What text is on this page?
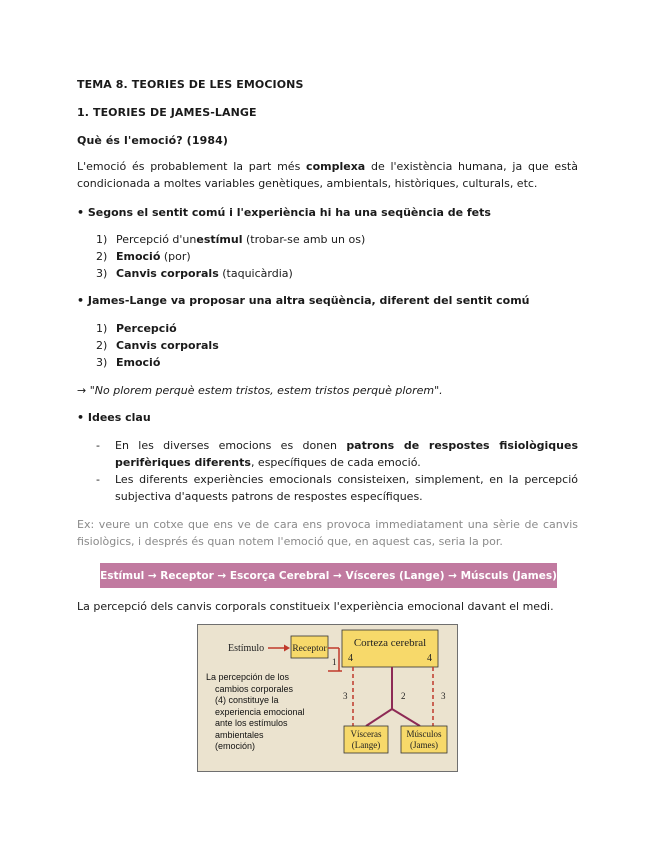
TEMA 8. TEORIES DE LES EMOCIONS
1. TEORIES DE JAMES-LANGE
Què és l'emoció? (1984)
L'emoció és probablement la part més complexa de l'existència humana, ja que està condicionada a moltes variables genètiques, ambientals, històriques, culturals, etc.
• Segons el sentit comú i l'experiència hi ha una seqüència de fets
1) Percepció d'un estímul (trobar-se amb un os)
2) Emoció (por)
3) Canvis corporals (taquicàrdia)
• James-Lange va proposar una altra seqüència, diferent del sentit comú
1) Percepció
2) Canvis corporals
3) Emoció
→ "No plorem perquè estem tristos, estem tristos perquè plorem".
• Idees clau
-	En les diverses emocions es donen patrons de respostes fisiològiques perifèriques diferents, específiques de cada emoció.
-	Les diferents experiències emocionals consisteixen, simplement, en la percepció subjectiva d'aquests patrons de respostes específiques.
Ex: veure un cotxe que ens ve de cara ens provoca immediatament una sèrie de canvis fisiològics, i després és quan notem l'emoció que, en aquest cas, seria la por.
La percepció dels canvis corporals constitueix l'experiència emocional davant el medi.
Estímul → Receptor → Escorça Cerebral → Vísceres (Lange) → Músculs (James)
Estímulo	Receptor
1
Corteza cerebral
4	4
3	3
2
Vísceras
(Lange)
Músculos
(James)
La percepción de los
cambios corporales
(4) constituye la
experiencia emocional
ante los estímulos
ambientales
(emoción)
